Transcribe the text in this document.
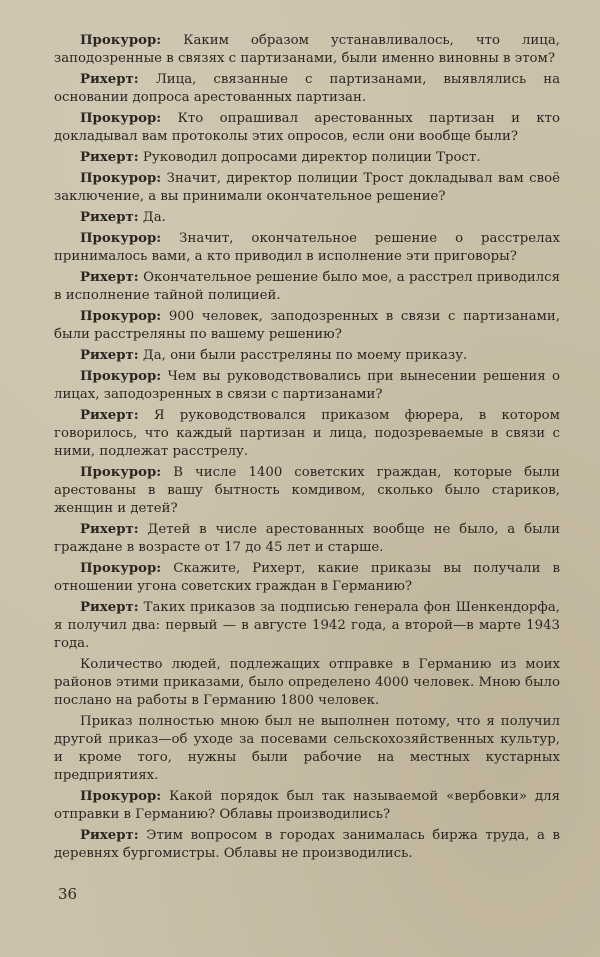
Прокурор: Каким образом устанавливалось, что лица, заподозренные в связях с партизанами, были именно виновны в этом?

Рихерт: Лица, связанные с партизанами, выявлялись на основании допроса арестованных партизан.

Прокурор: Кто опрашивал арестованных партизан и кто докладывал вам протоколы этих опросов, если они вообще были?

Рихерт: Руководил допросами директор полиции Трост.

Прокурор: Значит, директор полиции Трост докладывал вам своё заключение, а вы принимали окончательное решение?

Рихерт: Да.

Прокурор: Значит, окончательное решение о расстрелах принималось вами, а кто приводил в исполнение эти приговоры?

Рихерт: Окончательное решение было мое, а расстрел приводился в исполнение тайной полицией.

Прокурор: 900 человек, заподозренных в связи с партизанами, были расстреляны по вашему решению?

Рихерт: Да, они были расстреляны по моему приказу.

Прокурор: Чем вы руководствовались при вынесении решения о лицах, заподозренных в связи с партизанами?

Рихерт: Я руководствовался приказом фюрера, в котором говорилось, что каждый партизан и лица, подозреваемые в связи с ними, подлежат расстрелу.

Прокурор: В числе 1400 советских граждан, которые были арестованы в вашу бытность комдивом, сколько было стариков, женщин и детей?

Рихерт: Детей в числе арестованных вообще не было, а были граждане в возрасте от 17 до 45 лет и старше.

Прокурор: Скажите, Рихерт, какие приказы вы получали в отношении угона советских граждан в Германию?

Рихерт: Таких приказов за подписью генерала фон Шенкендорфа, я получил два: первый — в августе 1942 года, а второй—в марте 1943 года.

Количество людей, подлежащих отправке в Германию из моих районов этими приказами, было определено 4000 человек. Мною было послано на работы в Германию 1800 человек.

Приказ полностью мною был не выполнен потому, что я получил другой приказ—об уходе за посевами сельскохозяйственных культур, и кроме того, нужны были рабочие на местных кустарных предприятиях.

Прокурор: Какой порядок был так называемой «вербовки» для отправки в Германию? Облавы производились?

Рихерт: Этим вопросом в городах занималась биржа труда, а в деревнях бургомистры. Облавы не производились.

36
